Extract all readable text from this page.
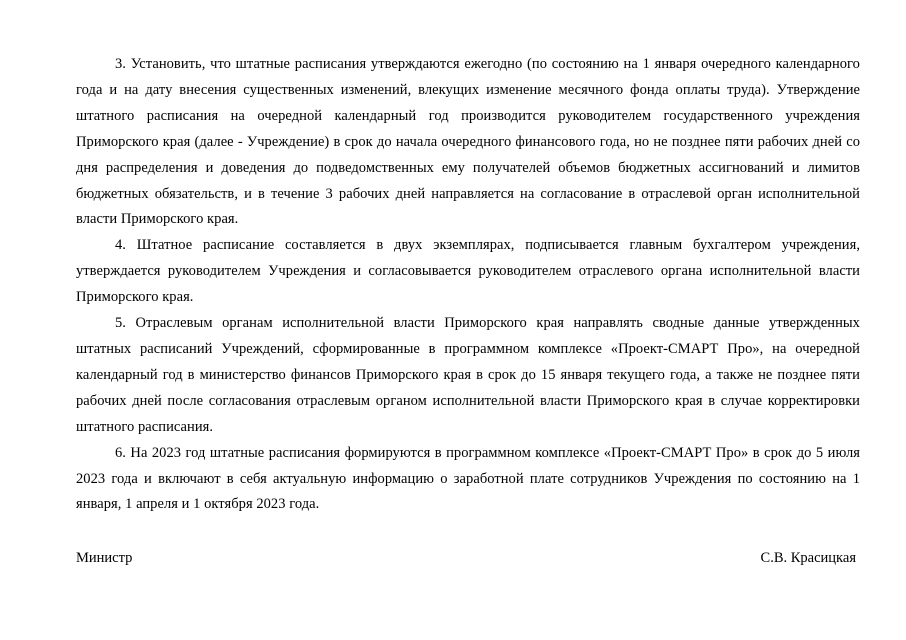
3. Установить, что штатные расписания утверждаются ежегодно (по состоянию на 1 января очередного календарного года и на дату внесения существенных изменений, влекущих изменение месячного фонда оплаты труда). Утверждение штатного расписания на очередной календарный год производится руководителем государственного учреждения Приморского края (далее - Учреждение) в срок до начала очередного финансового года, но не позднее пяти рабочих дней со дня распределения и доведения до подведомственных ему получателей объемов бюджетных ассигнований и лимитов бюджетных обязательств, и в течение 3 рабочих дней направляется на согласование в отраслевой орган исполнительной власти Приморского края.

4. Штатное расписание составляется в двух экземплярах, подписывается главным бухгалтером учреждения, утверждается руководителем Учреждения и согласовывается руководителем отраслевого органа исполнительной власти Приморского края.

5. Отраслевым органам исполнительной власти Приморского края направлять сводные данные утвержденных штатных расписаний Учреждений, сформированные в программном комплексе «Проект-СМАРТ Про», на очередной календарный год в министерство финансов Приморского края в срок до 15 января текущего года, а также не позднее пяти рабочих дней после согласования отраслевым органом исполнительной власти Приморского края в случае корректировки штатного расписания.

6. На 2023 год штатные расписания формируются в программном комплексе «Проект-СМАРТ Про» в срок до 5 июля 2023 года и включают в себя актуальную информацию о заработной плате сотрудников Учреждения по состоянию на 1 января, 1 апреля и 1 октября 2023 года.

Министр	С.В. Красицкая
